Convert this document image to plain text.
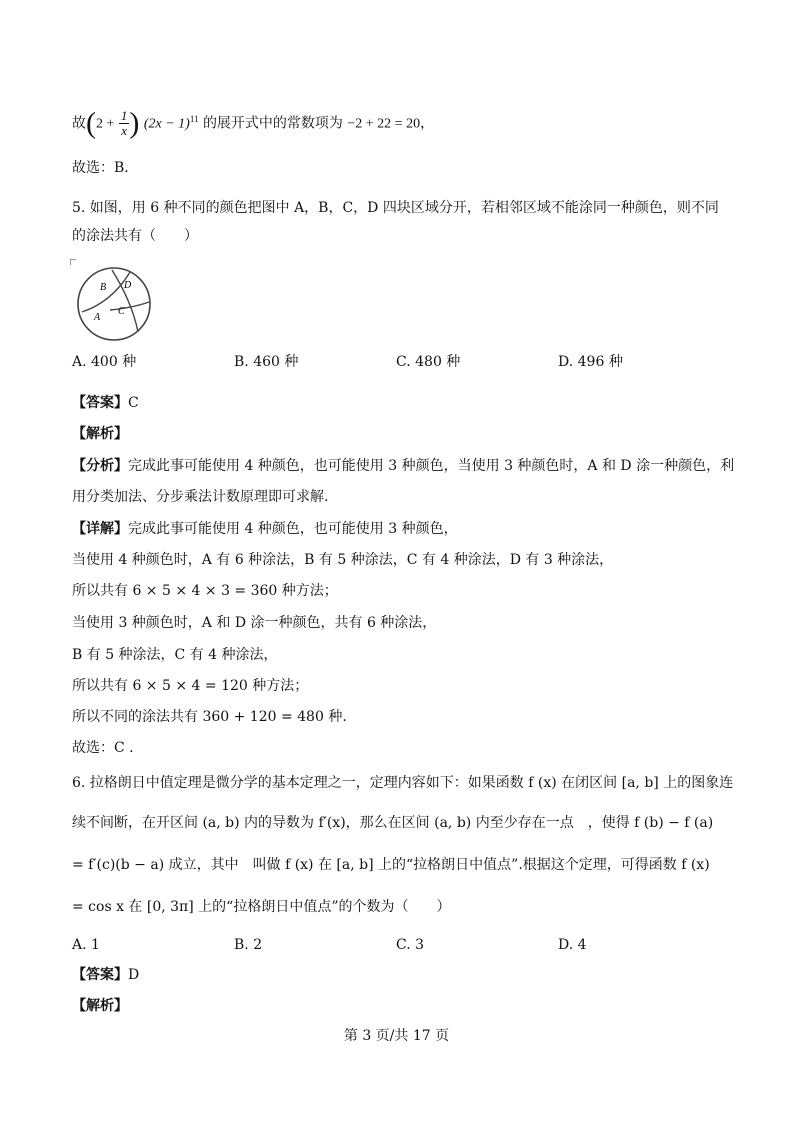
故($2 + \frac{1}{x}$ ) $(2x - 1)^{11}$ 的展开式中的常数项为 −2 + 22 = 20，
故选：B.
5. 如图，用 6 种不同的颜色把图中 A，B，C，D 四块区域分开，若相邻区域不能涂同一种颜色，则不同
的涂法共有（　　）
B D
A
C
A. 400 种	B. 460 种	C. 480 种	D. 496 种
【答案】C
【解析】
【分析】完成此事可能使用 4 种颜色，也可能使用 3 种颜色，当使用 3 种颜色时，A 和 D 涂一种颜色，利
用分类加法、分步乘法计数原理即可求解.
【详解】完成此事可能使用 4 种颜色，也可能使用 3 种颜色，
当使用 4 种颜色时，A 有 6 种涂法，B 有 5 种涂法，C 有 4 种涂法，D 有 3 种涂法，
所以共有 6 × 5 × 4 × 3 = 360 种方法；
当使用 3 种颜色时，A 和 D 涂一种颜色，共有 6 种涂法，
B 有 5 种涂法，C 有 4 种涂法，
所以共有 6 × 5 × 4 = 120 种方法；
所以不同的涂法共有 360 + 120 = 480 种.
故选：C .
6. 拉格朗日中值定理是微分学的基本定理之一，定理内容如下：如果函数 f (x) 在闭区间 [a, b] 上的图象连
续不间断，在开区间 (a, b) 内的导数为 f′(x)，那么在区间 (a, b) 内至少存在一点　，使得 f (b) − f (a)
= f′(c)(b − a) 成立，其中　叫做 f (x) 在 [a, b] 上的“拉格朗日中值点”.根据这个定理，可得函数 f (x)
= cos x 在 [0, 3π] 上的“拉格朗日中值点”的个数为（　　）
A. 1	B. 2	C. 3	D. 4
【答案】D
【解析】
第 3 页/共 17 页
